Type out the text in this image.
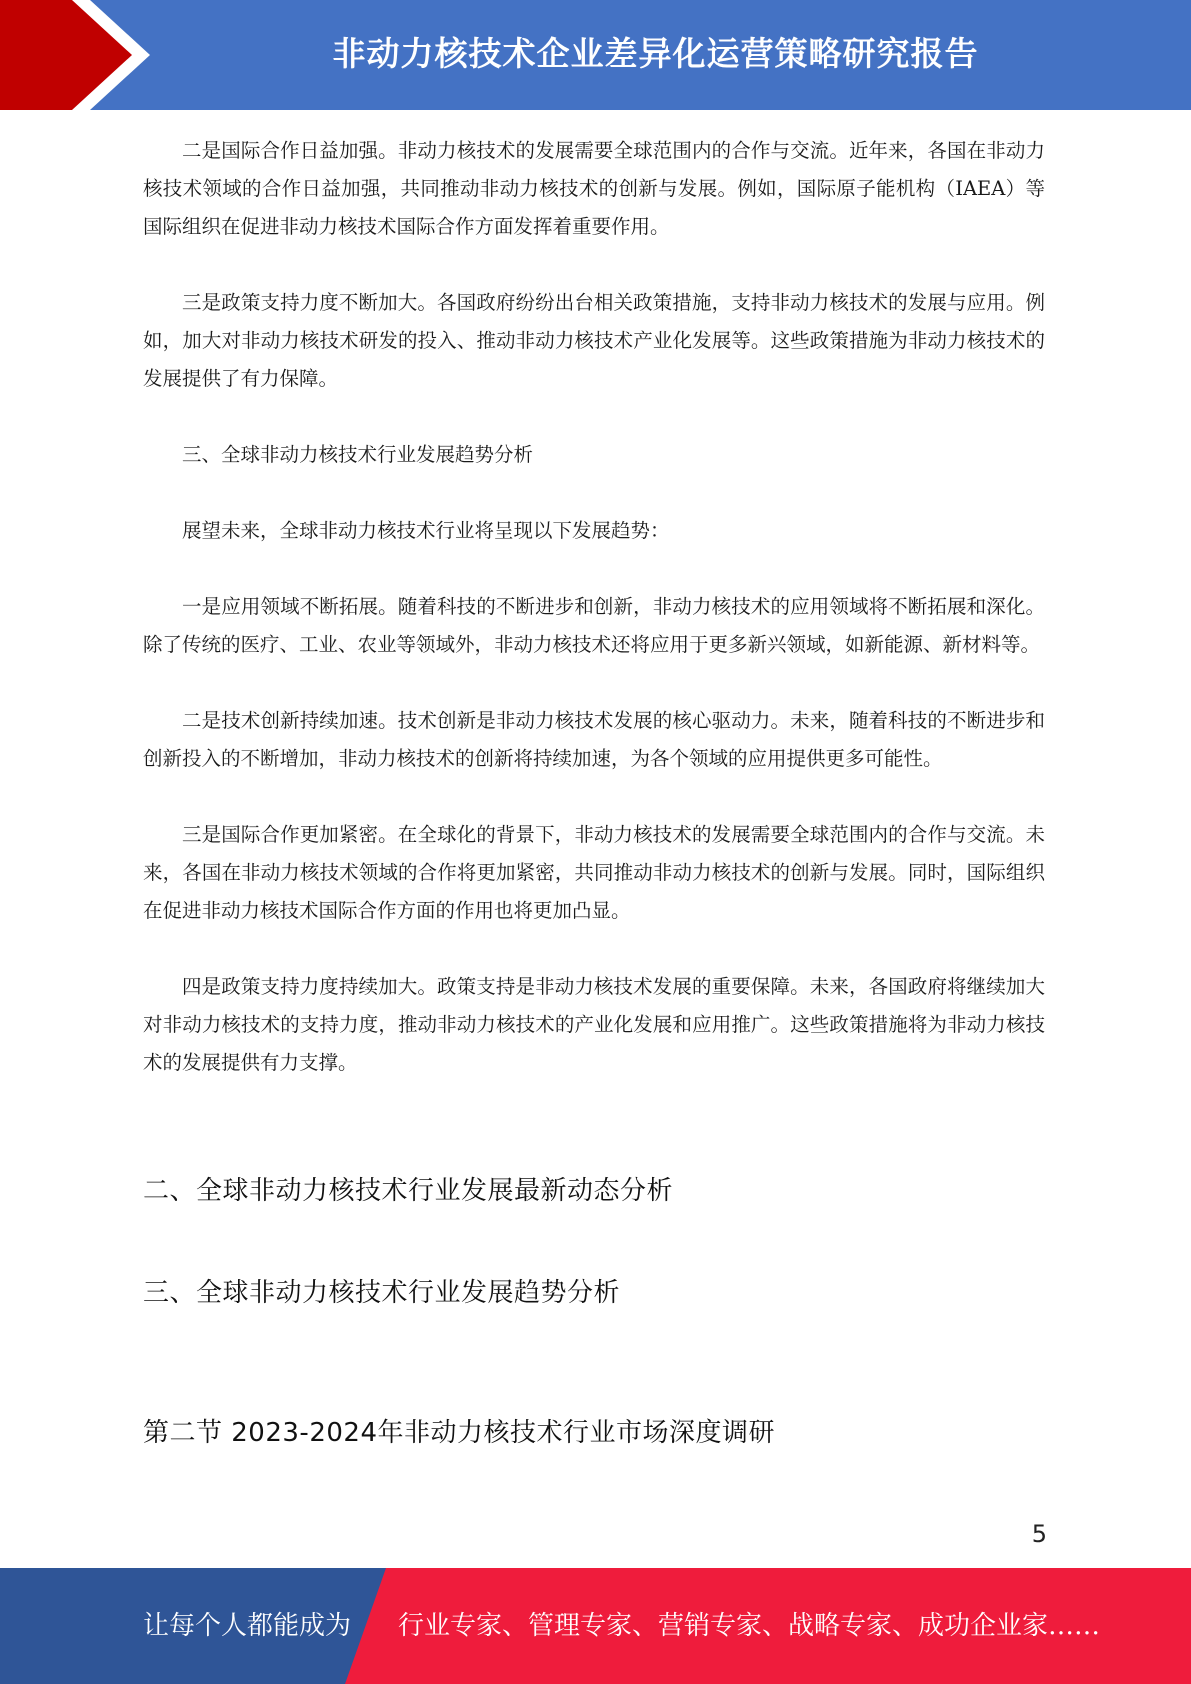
非动力核技术企业差异化运营策略研究报告

二是国际合作日益加强。非动力核技术的发展需要全球范围内的合作与交流。近年来，各国在非动力核技术领域的合作日益加强，共同推动非动力核技术的创新与发展。例如，国际原子能机构（IAEA）等国际组织在促进非动力核技术国际合作方面发挥着重要作用。

三是政策支持力度不断加大。各国政府纷纷出台相关政策措施，支持非动力核技术的发展与应用。例如，加大对非动力核技术研发的投入、推动非动力核技术产业化发展等。这些政策措施为非动力核技术的发展提供了有力保障。

三、全球非动力核技术行业发展趋势分析

展望未来，全球非动力核技术行业将呈现以下发展趋势：

一是应用领域不断拓展。随着科技的不断进步和创新，非动力核技术的应用领域将不断拓展和深化。除了传统的医疗、工业、农业等领域外，非动力核技术还将应用于更多新兴领域，如新能源、新材料等。

二是技术创新持续加速。技术创新是非动力核技术发展的核心驱动力。未来，随着科技的不断进步和创新投入的不断增加，非动力核技术的创新将持续加速，为各个领域的应用提供更多可能性。

三是国际合作更加紧密。在全球化的背景下，非动力核技术的发展需要全球范围内的合作与交流。未来，各国在非动力核技术领域的合作将更加紧密，共同推动非动力核技术的创新与发展。同时，国际组织在促进非动力核技术国际合作方面的作用也将更加凸显。

四是政策支持力度持续加大。政策支持是非动力核技术发展的重要保障。未来，各国政府将继续加大对非动力核技术的支持力度，推动非动力核技术的产业化发展和应用推广。这些政策措施将为非动力核技术的发展提供有力支撑。

二、全球非动力核技术行业发展最新动态分析
三、全球非动力核技术行业发展趋势分析
第二节 2023-2024年非动力核技术行业市场深度调研
5
让每个人都能成为 行业专家、管理专家、营销专家、战略专家、成功企业家……
